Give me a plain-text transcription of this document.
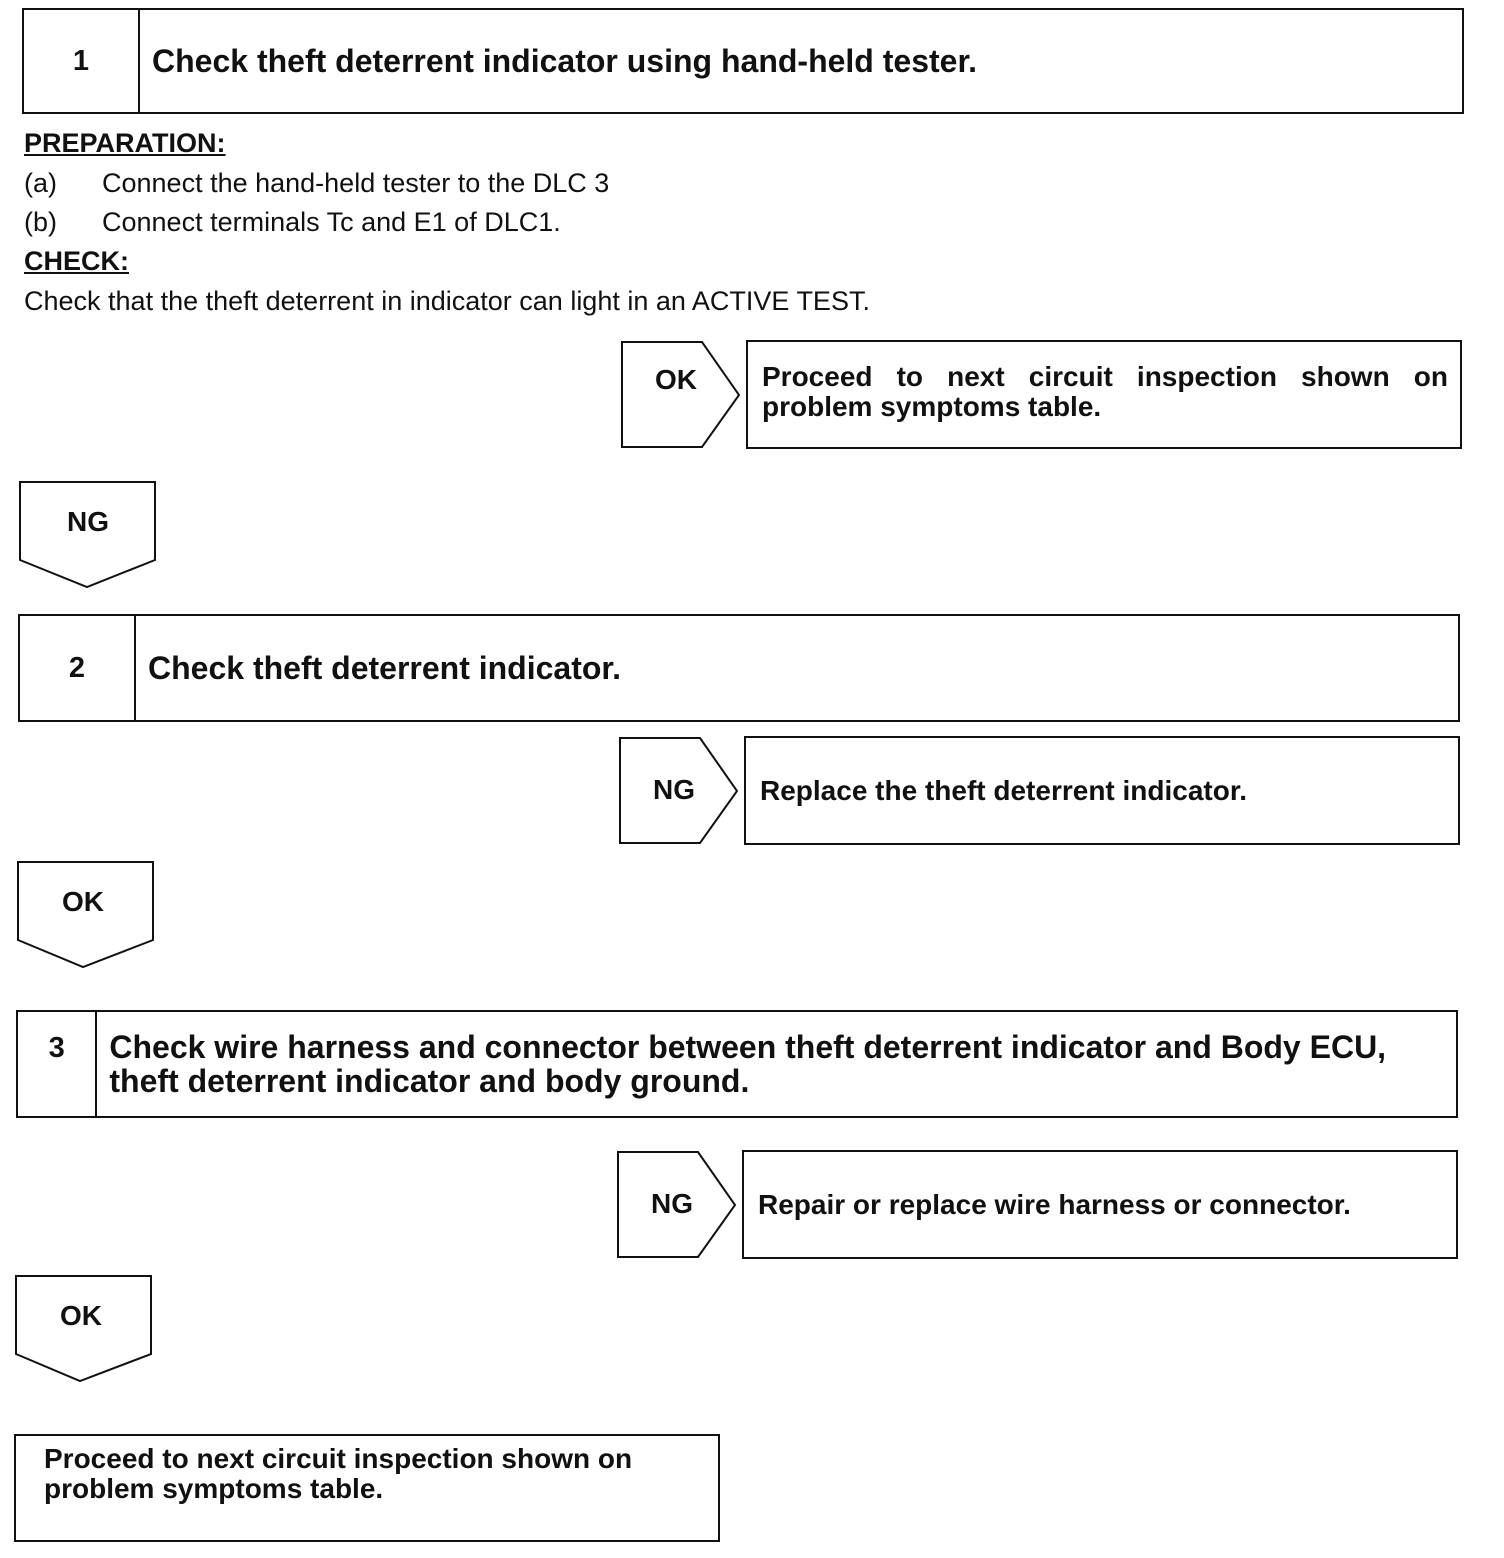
1	Check theft deterrent indicator using hand-held tester.
PREPARATION:
(a) Connect the hand-held tester to the DLC 3
(b) Connect terminals Tc and E1 of DLC1.
CHECK:
Check that the theft deterrent in indicator can light in an ACTIVE TEST.
OK	Proceed to next circuit inspection shown on problem symptoms table.
NG
2	Check theft deterrent indicator.
NG	Replace the theft deterrent indicator.
OK
3	Check wire harness and connector between theft deterrent indicator and Body ECU, theft deterrent indicator and body ground.
NG	Repair or replace wire harness or connector.
OK
Proceed to next circuit inspection shown on problem symptoms table.
